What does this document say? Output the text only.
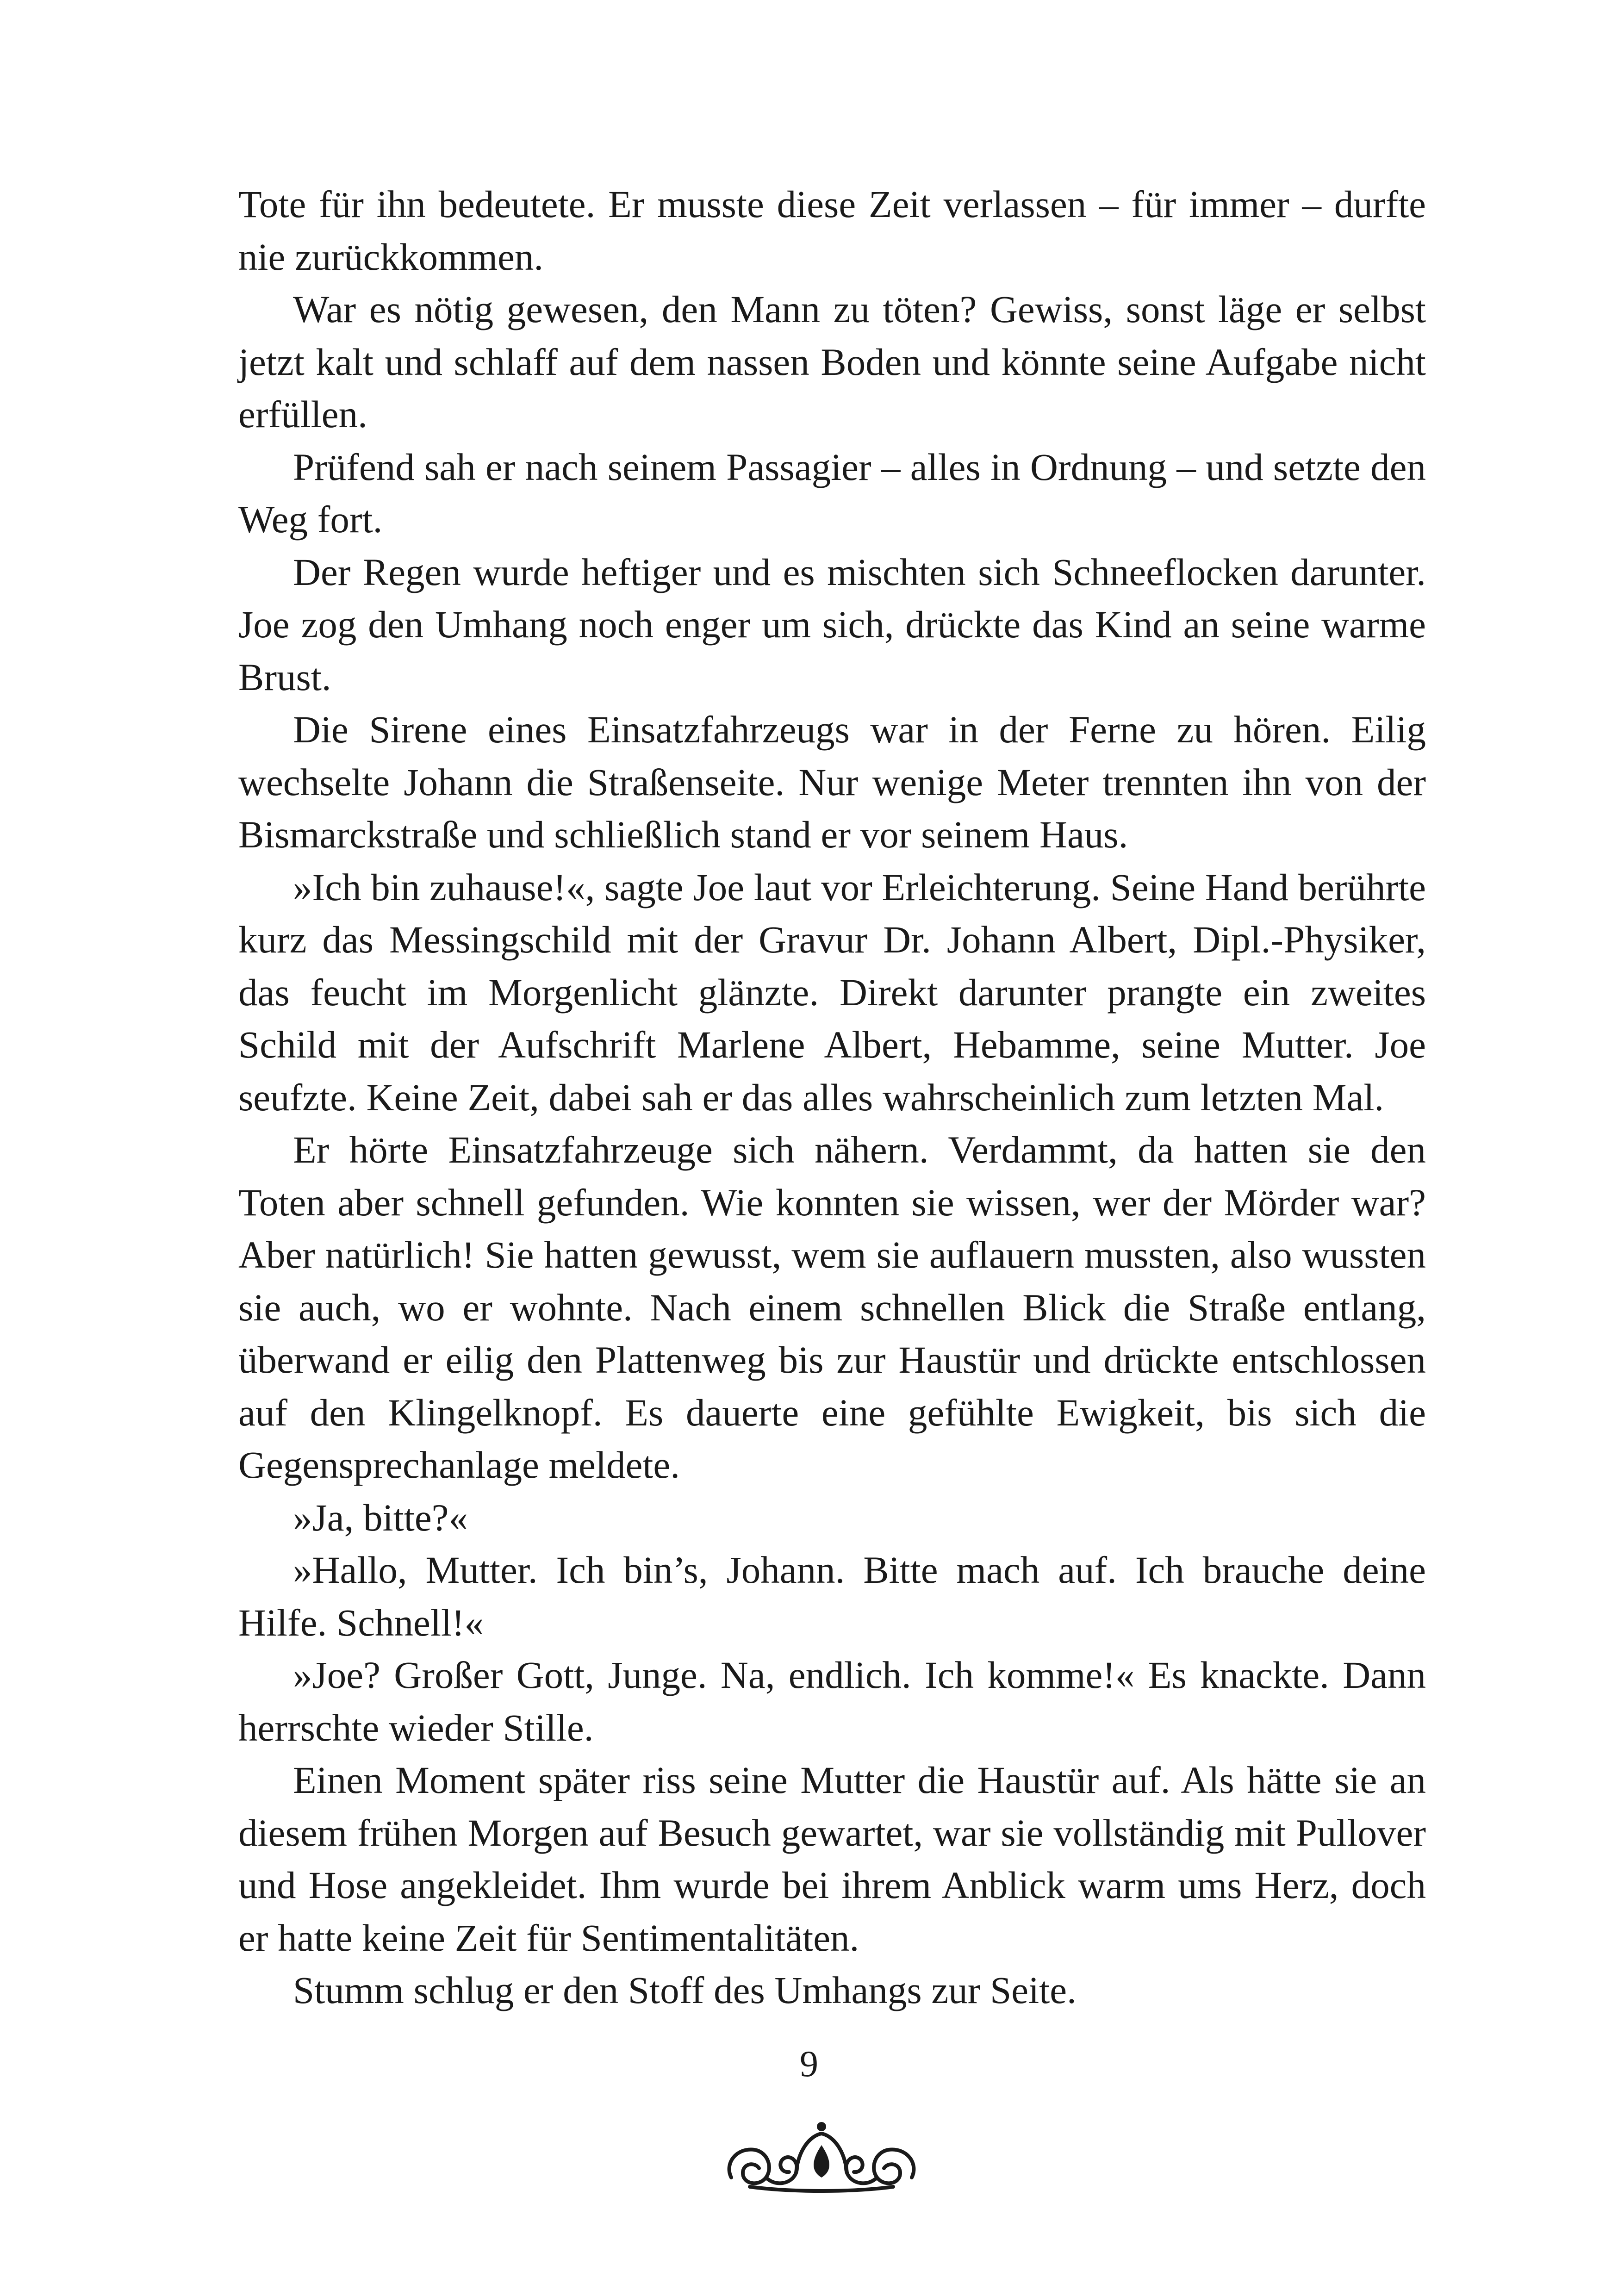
Tote für ihn bedeutete. Er musste diese Zeit verlassen – für immer – durfte nie zurückkommen.

War es nötig gewesen, den Mann zu töten? Gewiss, sonst läge er selbst jetzt kalt und schlaff auf dem nassen Boden und könnte seine Aufgabe nicht erfüllen.

Prüfend sah er nach seinem Passagier – alles in Ordnung – und setzte den Weg fort.

Der Regen wurde heftiger und es mischten sich Schneeflocken darunter. Joe zog den Umhang noch enger um sich, drückte das Kind an seine warme Brust.

Die Sirene eines Einsatzfahrzeugs war in der Ferne zu hören. Eilig wechselte Johann die Straßenseite. Nur wenige Meter trennten ihn von der Bismarckstraße und schließlich stand er vor seinem Haus.

»Ich bin zuhause!«, sagte Joe laut vor Erleichterung. Seine Hand berührte kurz das Messingschild mit der Gravur Dr. Johann Albert, Dipl.-Physiker, das feucht im Morgenlicht glänzte. Direkt darunter prangte ein zweites Schild mit der Aufschrift Marlene Albert, Hebamme, seine Mutter. Joe seufzte. Keine Zeit, dabei sah er das alles wahrscheinlich zum letzten Mal.

Er hörte Einsatzfahrzeuge sich nähern. Verdammt, da hatten sie den Toten aber schnell gefunden. Wie konnten sie wissen, wer der Mörder war? Aber natürlich! Sie hatten gewusst, wem sie auflauern mussten, also wussten sie auch, wo er wohnte. Nach einem schnellen Blick die Straße entlang, überwand er eilig den Plattenweg bis zur Haustür und drückte entschlossen auf den Klingelknopf. Es dauerte eine gefühlte Ewigkeit, bis sich die Gegensprechanlage meldete.

»Ja, bitte?«

»Hallo, Mutter. Ich bin’s, Johann. Bitte mach auf. Ich brauche deine Hilfe. Schnell!«

»Joe? Großer Gott, Junge. Na, endlich. Ich komme!« Es knackte. Dann herrschte wieder Stille.

Einen Moment später riss seine Mutter die Haustür auf. Als hätte sie an diesem frühen Morgen auf Besuch gewartet, war sie vollständig mit Pullover und Hose angekleidet. Ihm wurde bei ihrem Anblick warm ums Herz, doch er hatte keine Zeit für Sentimentalitäten.

Stumm schlug er den Stoff des Umhangs zur Seite.

9
